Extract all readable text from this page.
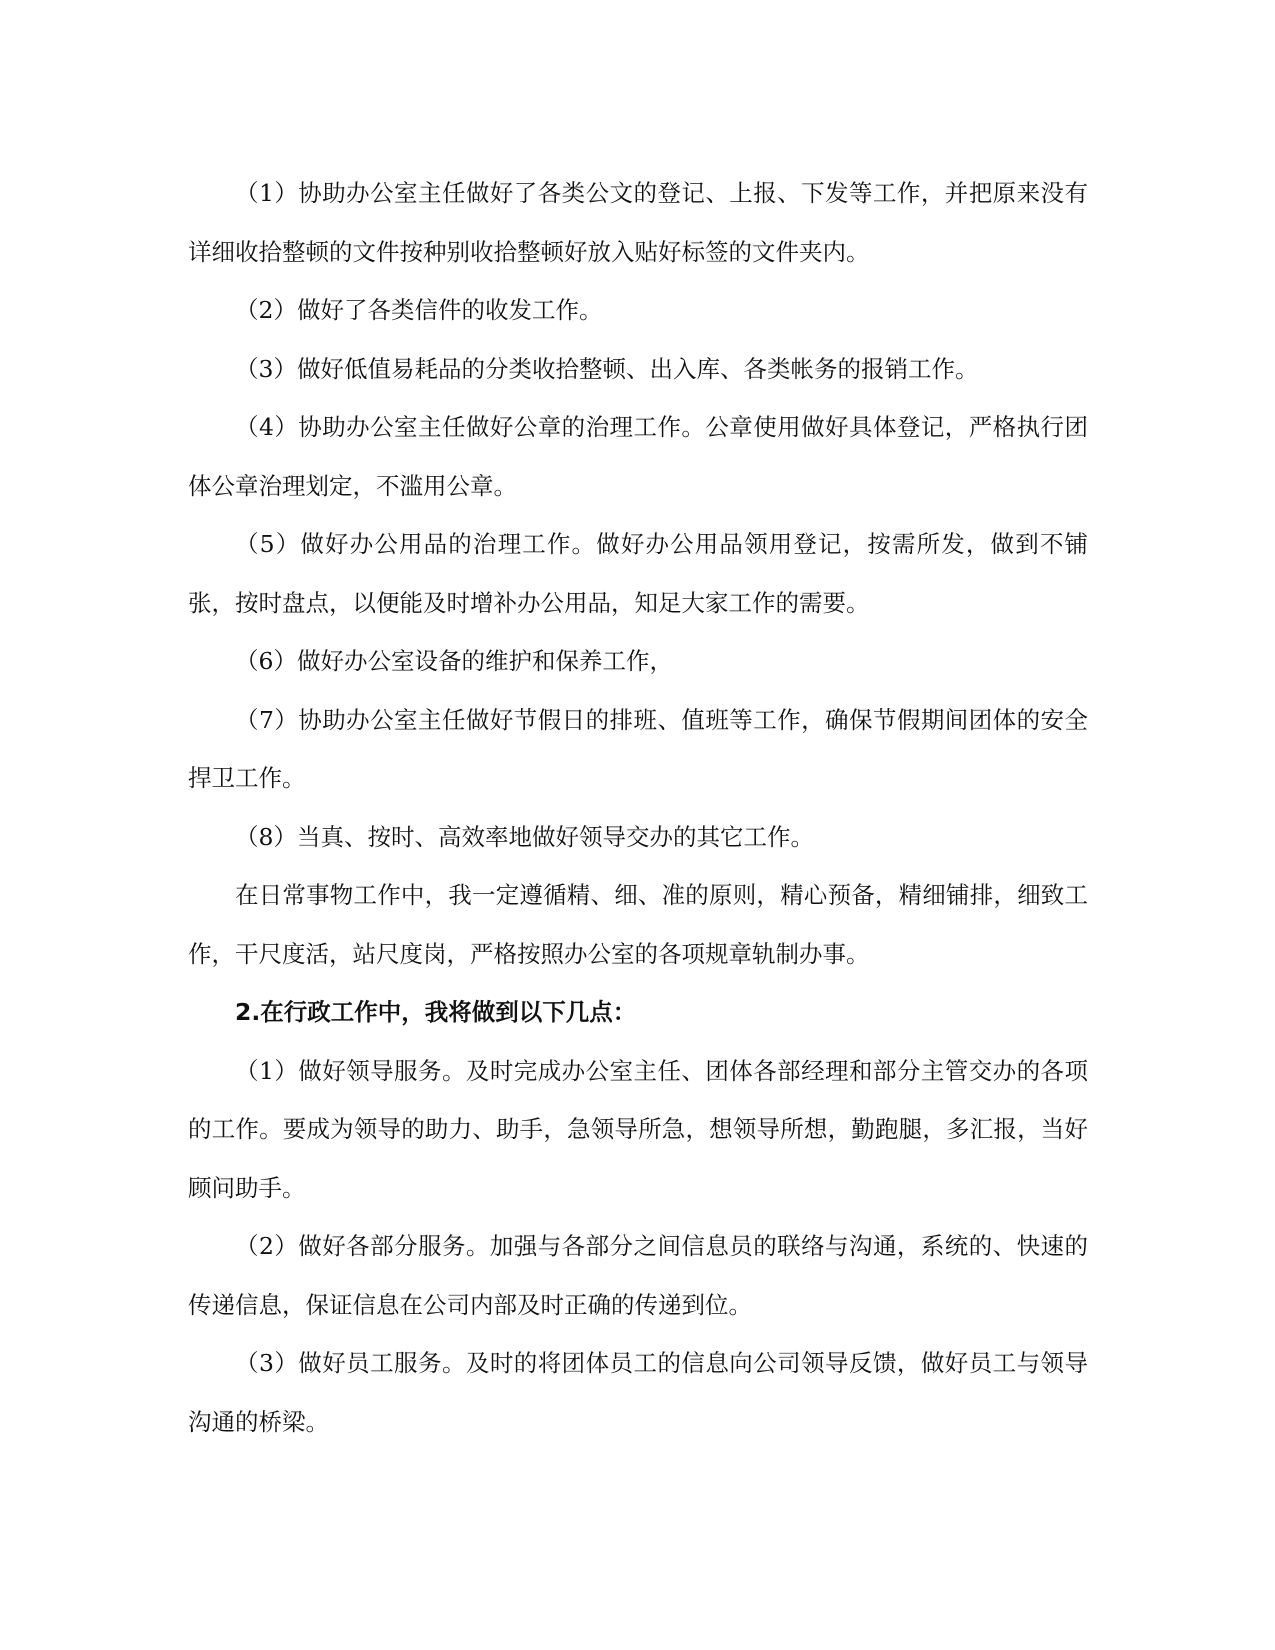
（1）协助办公室主任做好了各类公文的登记、上报、下发等工作，并把原来没有详细收拾整顿的文件按种别收拾整顿好放入贴好标签的文件夹内。

（2）做好了各类信件的收发工作。

（3）做好低值易耗品的分类收拾整顿、出入库、各类帐务的报销工作。

（4）协助办公室主任做好公章的治理工作。公章使用做好具体登记，严格执行团体公章治理划定，不滥用公章。

（5）做好办公用品的治理工作。做好办公用品领用登记，按需所发，做到不铺张，按时盘点，以便能及时增补办公用品，知足大家工作的需要。

（6）做好办公室设备的维护和保养工作，

（7）协助办公室主任做好节假日的排班、值班等工作，确保节假期间团体的安全捍卫工作。

（8）当真、按时、高效率地做好领导交办的其它工作。

在日常事物工作中，我一定遵循精、细、准的原则，精心预备，精细铺排，细致工作，干尺度活，站尺度岗，严格按照办公室的各项规章轨制办事。

2.在行政工作中，我将做到以下几点：

（1）做好领导服务。及时完成办公室主任、团体各部经理和部分主管交办的各项的工作。要成为领导的助力、助手，急领导所急，想领导所想，勤跑腿，多汇报，当好顾问助手。

（2）做好各部分服务。加强与各部分之间信息员的联络与沟通，系统的、快速的传递信息，保证信息在公司内部及时正确的传递到位。

（3）做好员工服务。及时的将团体员工的信息向公司领导反馈，做好员工与领导沟通的桥梁。
